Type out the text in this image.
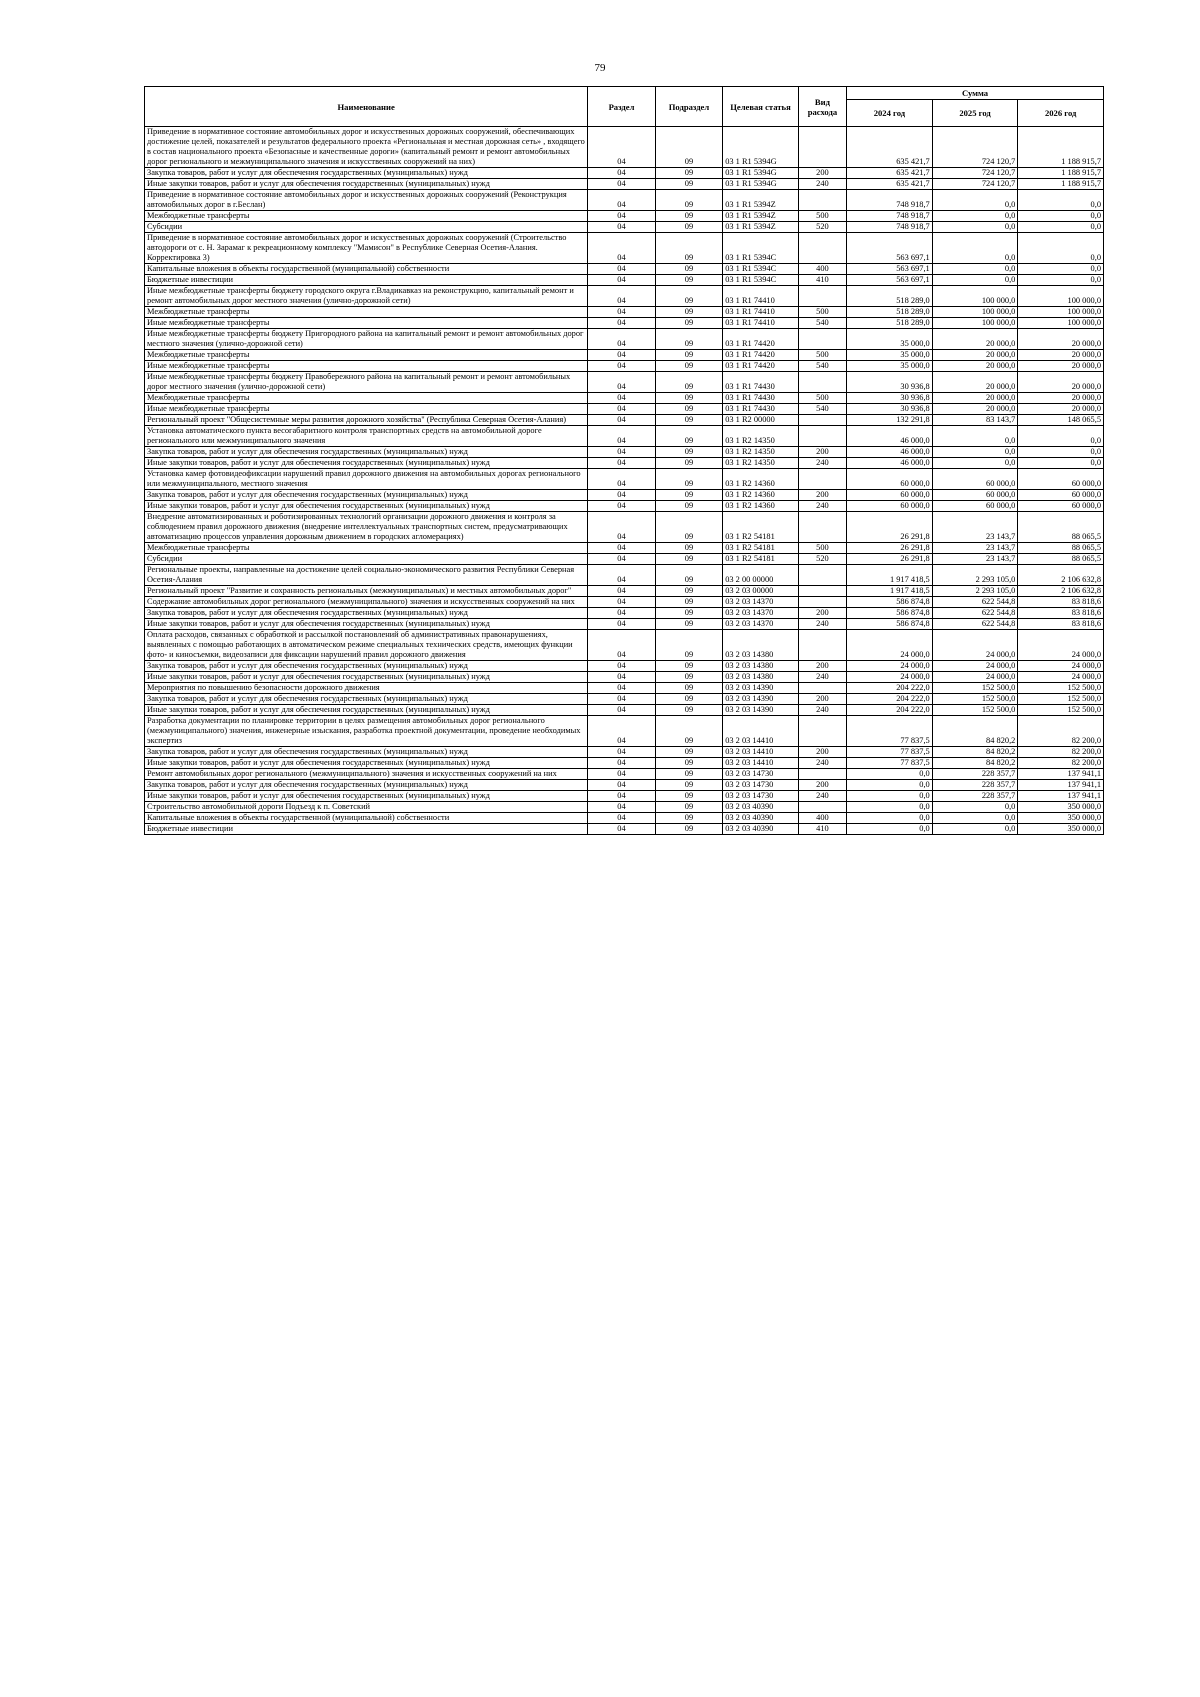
79
Наименование	Раздел	Подраздел	Целевая статья	Вид расхода	Сумма		
					2024 год	2025 год	2026 год
Приведение в нормативное состояние автомобильных дорог и искусственных дорожных сооружений, обеспечивающих достижение целей, показателей и результатов федерального проекта «Региональная и местная дорожная сеть» , входящего в состав национального проекта «Безопасные и качественные дороги» (капитальный ремонт и ремонт автомобильных дорог регионального и межмуниципального значения и искусственных сооружений на них)	04	09	03 1 R1 5394G		635 421,7	724 120,7	1 188 915,7
Закупка товаров, работ и услуг для обеспечения государственных (муниципальных) нужд	04	09	03 1 R1 5394G	200	635 421,7	724 120,7	1 188 915,7
Иные закупки товаров, работ и услуг для обеспечения государственных (муниципальных) нужд	04	09	03 1 R1 5394G	240	635 421,7	724 120,7	1 188 915,7
Приведение в нормативное состояние автомобильных дорог и искусственных дорожных сооружений (Реконструкция автомобильных дорог в г.Беслан)	04	09	03 1 R1 5394Z		748 918,7	0,0	0,0
Межбюджетные трансферты	04	09	03 1 R1 5394Z	500	748 918,7	0,0	0,0
Субсидии	04	09	03 1 R1 5394Z	520	748 918,7	0,0	0,0
Приведение в нормативное состояние автомобильных дорог и искусственных дорожных сооружений (Строительство автодороги от с. Н. Зарамаг к рекреационному комплексу "Мамисон" в Республике Северная Осетия-Алания. Корректировка 3)	04	09	03 1 R1 5394C		563 697,1	0,0	0,0
Капитальные вложения в объекты государственной (муниципальной) собственности	04	09	03 1 R1 5394C	400	563 697,1	0,0	0,0
Бюджетные инвестиции	04	09	03 1 R1 5394C	410	563 697,1	0,0	0,0
Иные межбюджетные трансферты бюджету городского округа г.Владикавказ на реконструкцию, капитальный ремонт и ремонт автомобильных дорог местного значения (улично-дорожной сети)	04	09	03 1 R1 74410		518 289,0	100 000,0	100 000,0
Межбюджетные трансферты	04	09	03 1 R1 74410	500	518 289,0	100 000,0	100 000,0
Иные межбюджетные трансферты	04	09	03 1 R1 74410	540	518 289,0	100 000,0	100 000,0
Иные межбюджетные трансферты бюджету Пригородного района на капитальный ремонт и ремонт автомобильных дорог местного значения (улично-дорожной сети)	04	09	03 1 R1 74420		35 000,0	20 000,0	20 000,0
Межбюджетные трансферты	04	09	03 1 R1 74420	500	35 000,0	20 000,0	20 000,0
Иные межбюджетные трансферты	04	09	03 1 R1 74420	540	35 000,0	20 000,0	20 000,0
Иные межбюджетные трансферты бюджету Правобережного района на капитальный ремонт и ремонт автомобильных дорог местного значения (улично-дорожной сети)	04	09	03 1 R1 74430		30 936,8	20 000,0	20 000,0
Межбюджетные трансферты	04	09	03 1 R1 74430	500	30 936,8	20 000,0	20 000,0
Иные межбюджетные трансферты	04	09	03 1 R1 74430	540	30 936,8	20 000,0	20 000,0
Региональный проект "Общесистемные меры развития дорожного хозяйства" (Республика Северная Осетия-Алания)	04	09	03 1 R2 00000		132 291,8	83 143,7	148 065,5
Установка автоматического пункта весогабаритного контроля транспортных средств на автомобильной дороге регионального или межмуниципального значения	04	09	03 1 R2 14350		46 000,0	0,0	0,0
Закупка товаров, работ и услуг для обеспечения государственных (муниципальных) нужд	04	09	03 1 R2 14350	200	46 000,0	0,0	0,0
Иные закупки товаров, работ и услуг для обеспечения государственных (муниципальных) нужд	04	09	03 1 R2 14350	240	46 000,0	0,0	0,0
Установка камер фотовидеофиксации нарушений правил дорожного движения на автомобильных дорогах регионального или межмуниципального, местного значения	04	09	03 1 R2 14360		60 000,0	60 000,0	60 000,0
Закупка товаров, работ и услуг для обеспечения государственных (муниципальных) нужд	04	09	03 1 R2 14360	200	60 000,0	60 000,0	60 000,0
Иные закупки товаров, работ и услуг для обеспечения государственных (муниципальных) нужд	04	09	03 1 R2 14360	240	60 000,0	60 000,0	60 000,0
Внедрение автоматизированных и роботизированных технологий организации дорожного движения и контроля за соблюдением правил дорожного движения (внедрение интеллектуальных транспортных систем, предусматривающих автоматизацию процессов управления дорожным движением в городских агломерациях)	04	09	03 1 R2 54181		26 291,8	23 143,7	88 065,5
Межбюджетные трансферты	04	09	03 1 R2 54181	500	26 291,8	23 143,7	88 065,5
Субсидии	04	09	03 1 R2 54181	520	26 291,8	23 143,7	88 065,5
Региональные проекты, направленные на достижение целей социально-экономического развития Республики Северная Осетия-Алания	04	09	03 2 00 00000		1 917 418,5	2 293 105,0	2 106 632,8
Региональный проект "Развитие и сохранность региональных (межмуниципальных) и местных автомобильных дорог"	04	09	03 2 03 00000		1 917 418,5	2 293 105,0	2 106 632,8
Содержание автомобильных дорог регионального (межмуниципального) значения и искусственных сооружений на них	04	09	03 2 03 14370		586 874,8	622 544,8	83 818,6
Закупка товаров, работ и услуг для обеспечения государственных (муниципальных) нужд	04	09	03 2 03 14370	200	586 874,8	622 544,8	83 818,6
Иные закупки товаров, работ и услуг для обеспечения государственных (муниципальных) нужд	04	09	03 2 03 14370	240	586 874,8	622 544,8	83 818,6
Оплата расходов, связанных с обработкой и рассылкой постановлений об административных правонарушениях, выявленных с помощью работающих в автоматическом режиме специальных технических средств, имеющих функции фото- и киносъемки, видеозаписи для фиксации нарушений правил дорожного движения	04	09	03 2 03 14380		24 000,0	24 000,0	24 000,0
Закупка товаров, работ и услуг для обеспечения государственных (муниципальных) нужд	04	09	03 2 03 14380	200	24 000,0	24 000,0	24 000,0
Иные закупки товаров, работ и услуг для обеспечения государственных (муниципальных) нужд	04	09	03 2 03 14380	240	24 000,0	24 000,0	24 000,0
Мероприятия по повышению безопасности дорожного движения	04	09	03 2 03 14390		204 222,0	152 500,0	152 500,0
Закупка товаров, работ и услуг для обеспечения государственных (муниципальных) нужд	04	09	03 2 03 14390	200	204 222,0	152 500,0	152 500,0
Иные закупки товаров, работ и услуг для обеспечения государственных (муниципальных) нужд	04	09	03 2 03 14390	240	204 222,0	152 500,0	152 500,0
Разработка документации по планировке территории в целях размещения автомобильных дорог регионального (межмуниципального) значения, инженерные изыскания, разработка проектной документации, проведение необходимых экспертиз	04	09	03 2 03 14410		77 837,5	84 820,2	82 200,0
Закупка товаров, работ и услуг для обеспечения государственных (муниципальных) нужд	04	09	03 2 03 14410	200	77 837,5	84 820,2	82 200,0
Иные закупки товаров, работ и услуг для обеспечения государственных (муниципальных) нужд	04	09	03 2 03 14410	240	77 837,5	84 820,2	82 200,0
Ремонт автомобильных дорог регионального (межмуниципального) значения и искусственных сооружений на них	04	09	03 2 03 14730		0,0	228 357,7	137 941,1
Закупка товаров, работ и услуг для обеспечения государственных (муниципальных) нужд	04	09	03 2 03 14730	200	0,0	228 357,7	137 941,1
Иные закупки товаров, работ и услуг для обеспечения государственных (муниципальных) нужд	04	09	03 2 03 14730	240	0,0	228 357,7	137 941,1
Строительство автомобильной дороги Подъезд к п. Советский	04	09	03 2 03 40390		0,0	0,0	350 000,0
Капитальные вложения в объекты государственной (муниципальной) собственности	04	09	03 2 03 40390	400	0,0	0,0	350 000,0
Бюджетные инвестиции	04	09	03 2 03 40390	410	0,0	0,0	350 000,0
